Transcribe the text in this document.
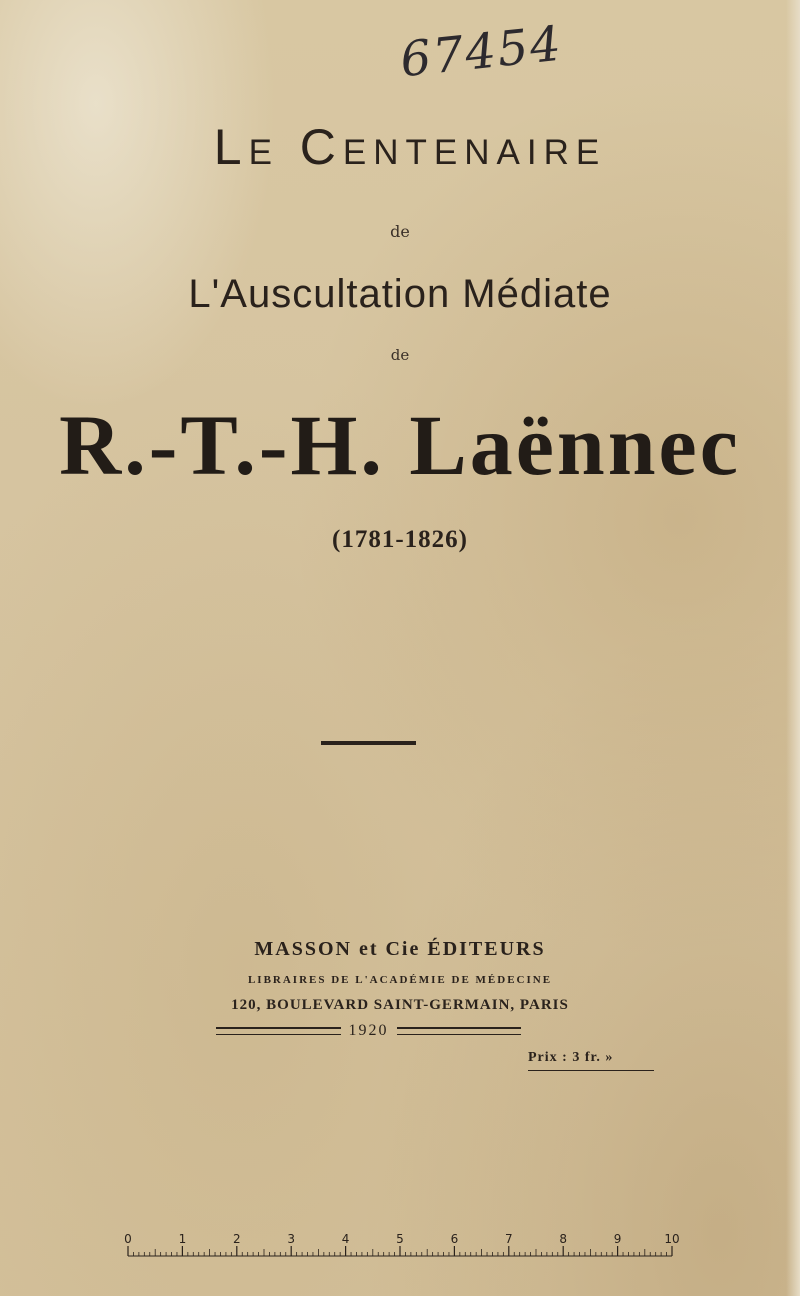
67454
Le Centenaire
de
L'Auscultation Médiate
de
R.-T.-H. Laënnec
(1781-1826)
MASSON et Cie ÉDITEURS
LIBRAIRES DE L'ACADÉMIE DE MÉDECINE
120, BOULEVARD SAINT-GERMAIN, PARIS
1920
Prix : 3 fr. »
0	1	2	3	4	5	6	7	8	9	10
